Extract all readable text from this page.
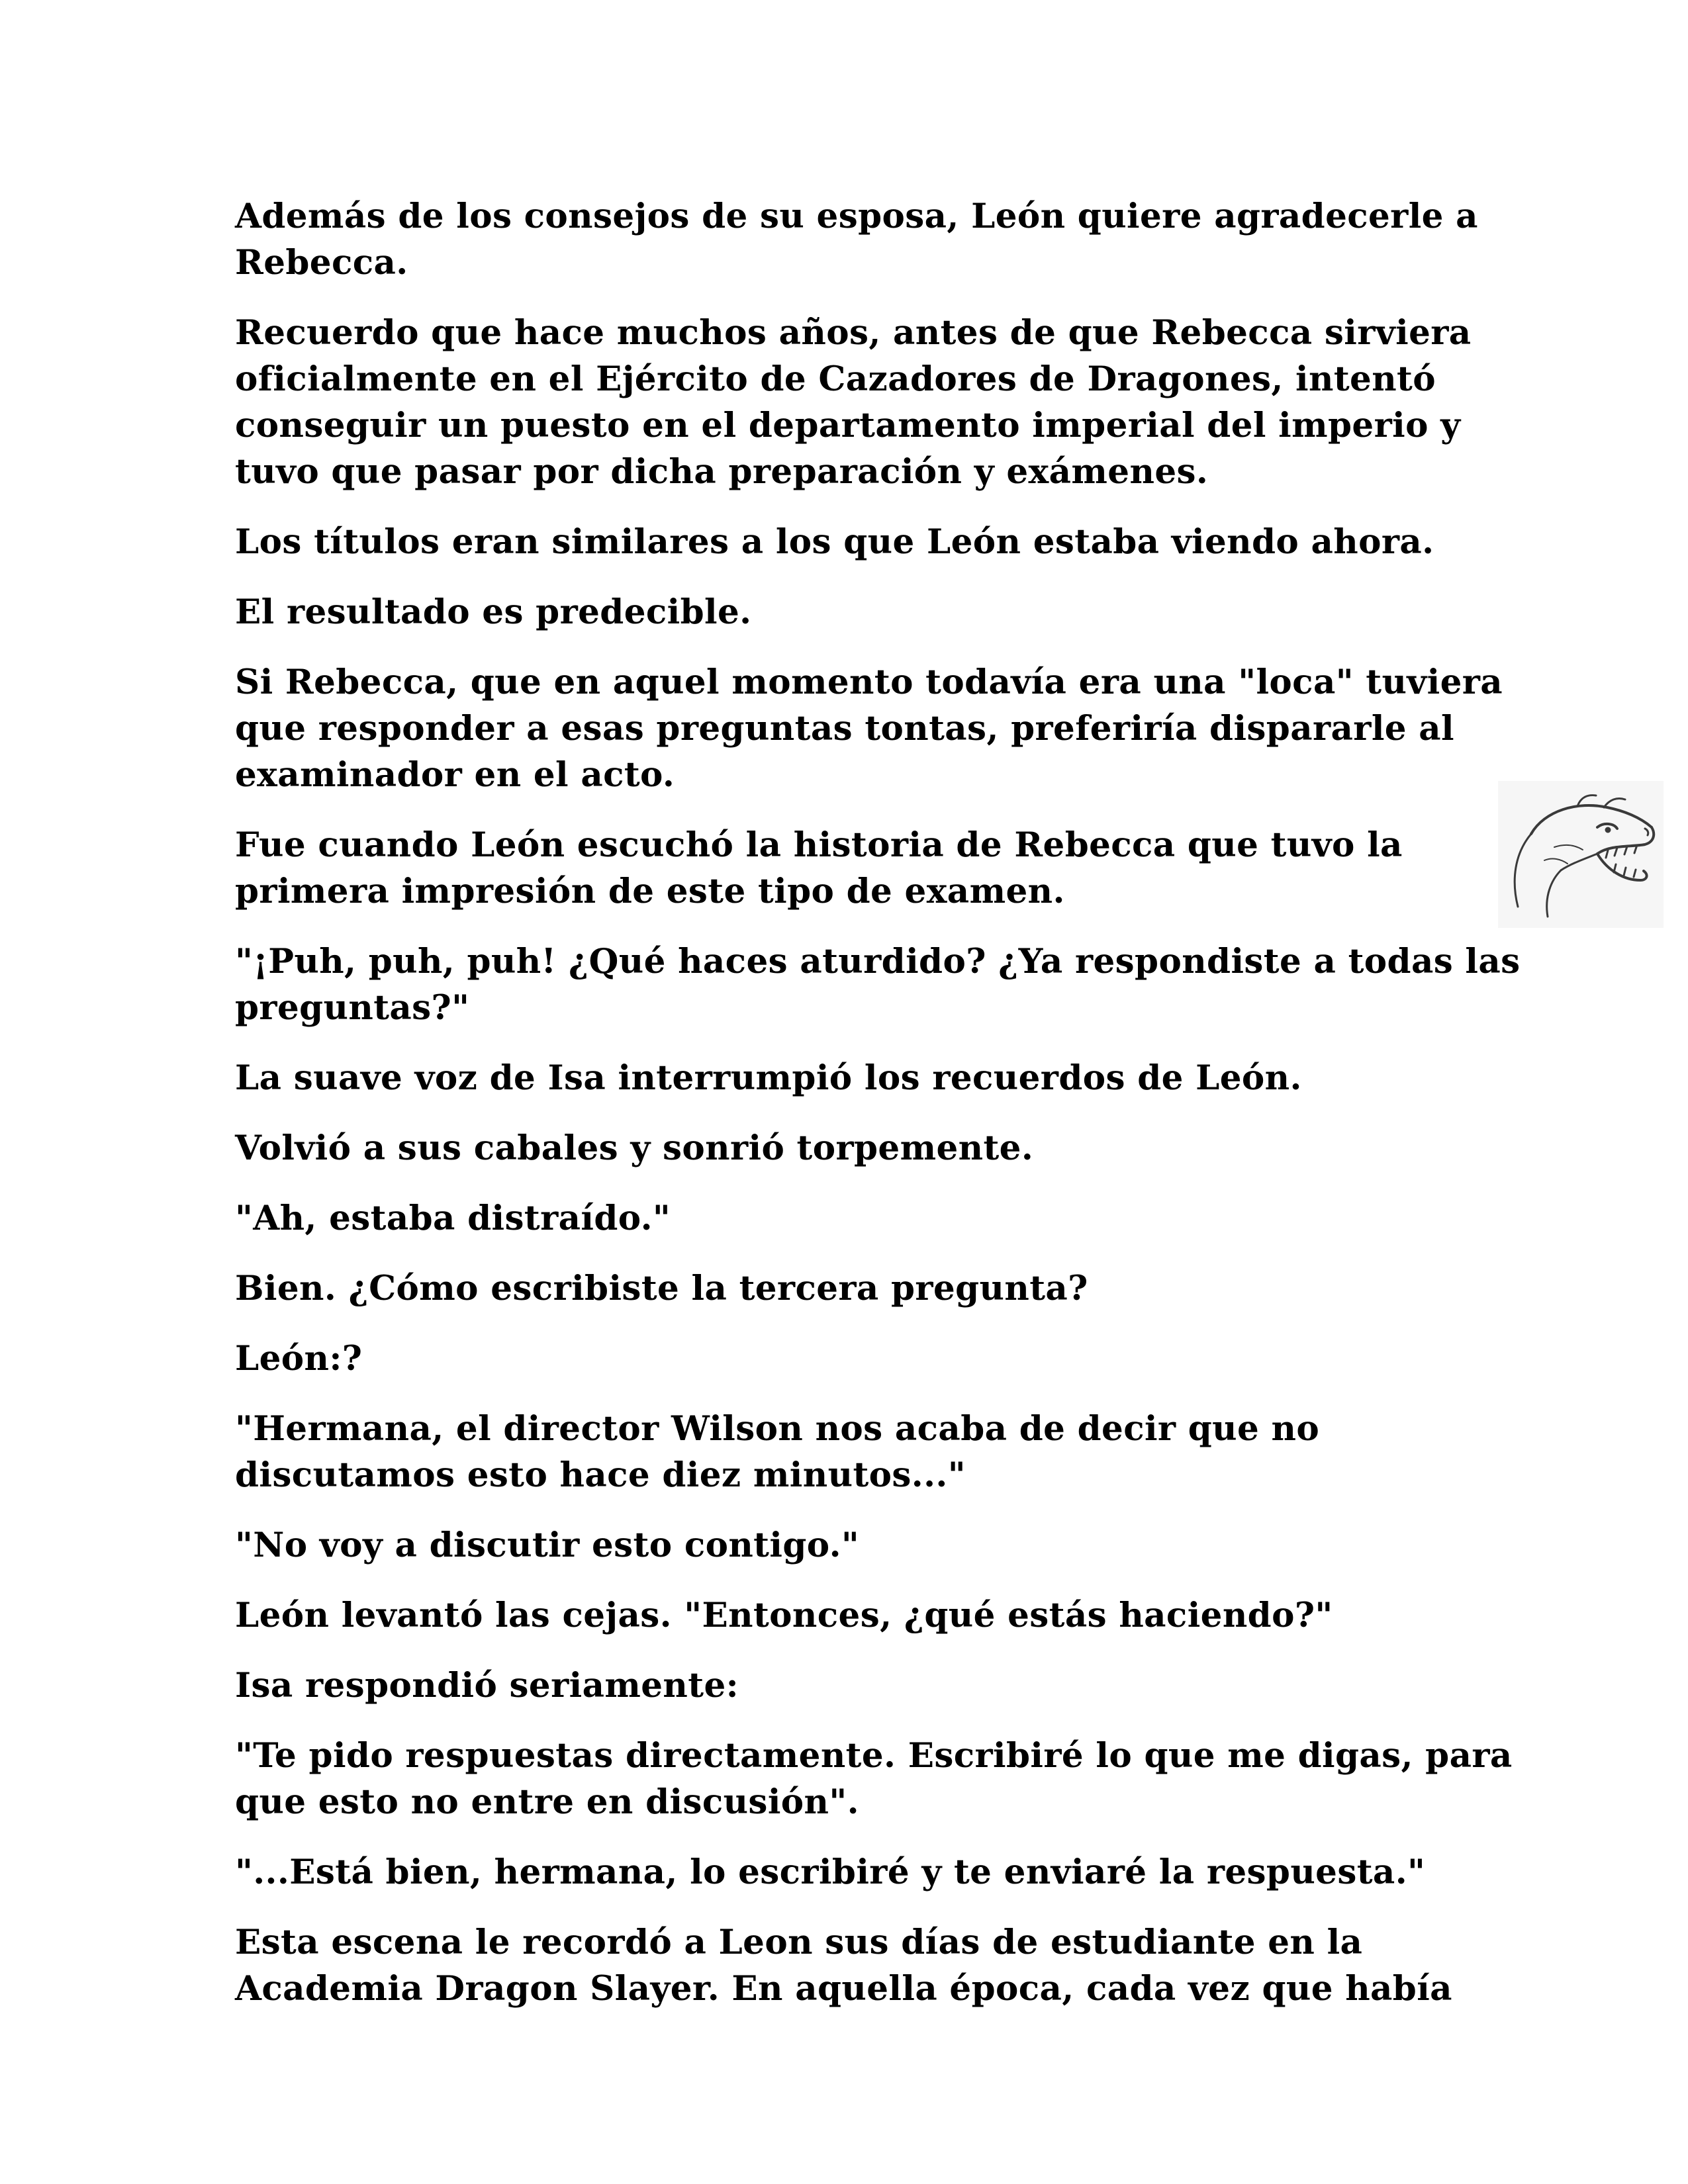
Además de los consejos de su esposa, León quiere agradecerle a Rebecca.

Recuerdo que hace muchos años, antes de que Rebecca sirviera oficialmente en el Ejército de Cazadores de Dragones, intentó conseguir un puesto en el departamento imperial del imperio y tuvo que pasar por dicha preparación y exámenes.

Los títulos eran similares a los que León estaba viendo ahora.

El resultado es predecible.

Si Rebecca, que en aquel momento todavía era una "loca" tuviera que responder a esas preguntas tontas, preferiría dispararle al examinador en el acto.

Fue cuando León escuchó la historia de Rebecca que tuvo la primera impresión de este tipo de examen.

"¡Puh, puh, puh! ¿Qué haces aturdido? ¿Ya respondiste a todas las preguntas?"

La suave voz de Isa interrumpió los recuerdos de León.

Volvió a sus cabales y sonrió torpemente.

"Ah, estaba distraído."

Bien. ¿Cómo escribiste la tercera pregunta?

León:?

"Hermana, el director Wilson nos acaba de decir que no discutamos esto hace diez minutos..."

"No voy a discutir esto contigo."

León levantó las cejas. "Entonces, ¿qué estás haciendo?"

Isa respondió seriamente:

"Te pido respuestas directamente. Escribiré lo que me digas, para que esto no entre en discusión".

"...Está bien, hermana, lo escribiré y te enviaré la respuesta."

Esta escena le recordó a Leon sus días de estudiante en la Academia Dragon Slayer. En aquella época, cada vez que había
